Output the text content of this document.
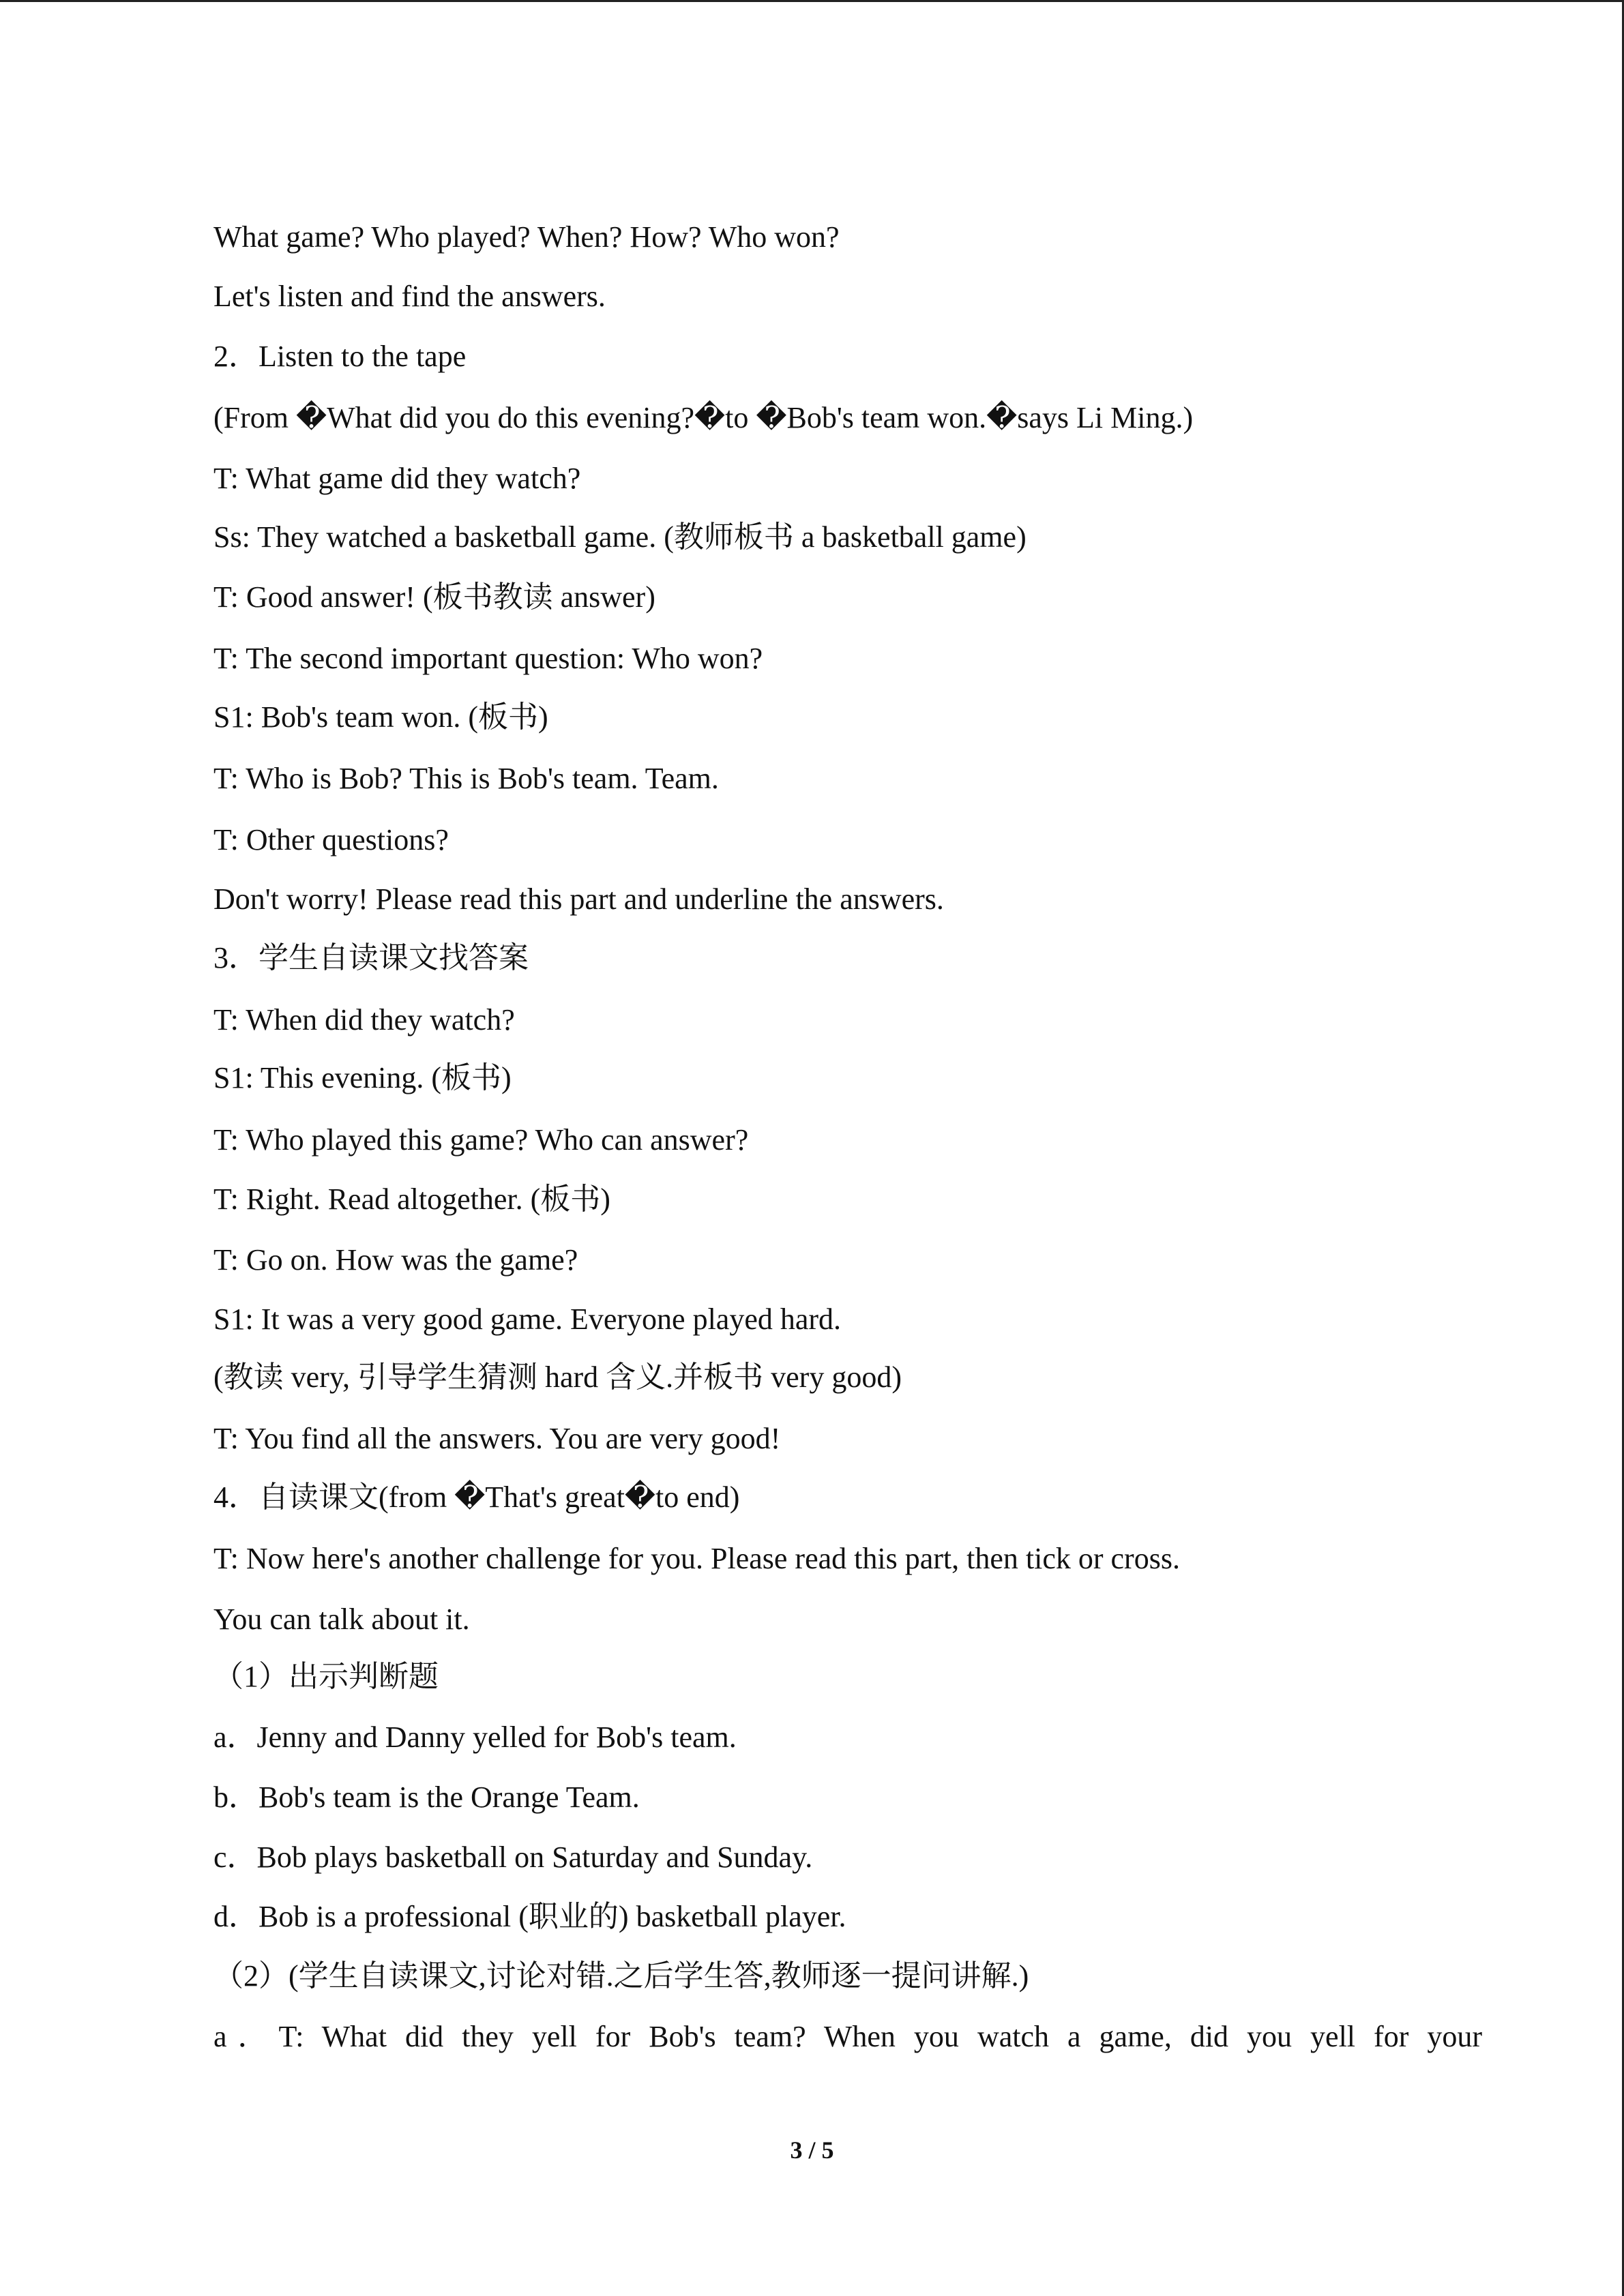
What game? Who played? When? How? Who won?
Let's listen and find the answers.
2．Listen to the tape
(From �What did you do this evening?�to �Bob's team won.�says Li Ming.)
T: What game did they watch?
Ss: They watched a basketball game. (教师板书 a basketball game)
T: Good answer! (板书教读 answer)
T: The second important question: Who won?
S1: Bob's team won. (板书)
T: Who is Bob? This is Bob's team. Team.
T: Other questions?
Don't worry! Please read this part and underline the answers.
3．学生自读课文找答案
T: When did they watch?
S1: This evening. (板书)
T: Who played this game? Who can answer?
T: Right. Read altogether. (板书)
T: Go on. How was the game?
S1: It was a very good game. Everyone played hard.
(教读 very, 引导学生猜测 hard 含义.并板书 very good)
T: You find all the answers. You are very good!
4．自读课文(from �That's great�to end)
T: Now here's another challenge for you. Please read this part, then tick or cross.
You can talk about it.
（1）出示判断题
a．Jenny and Danny yelled for Bob's team.
b．Bob's team is the Orange Team.
c．Bob plays basketball on Saturday and Sunday.
d．Bob is a professional (职业的) basketball player.
（2）(学生自读课文,讨论对错.之后学生答,教师逐一提问讲解.)
a．T: What did they yell for Bob's team? When you watch a game, did you yell for your
3 / 5
